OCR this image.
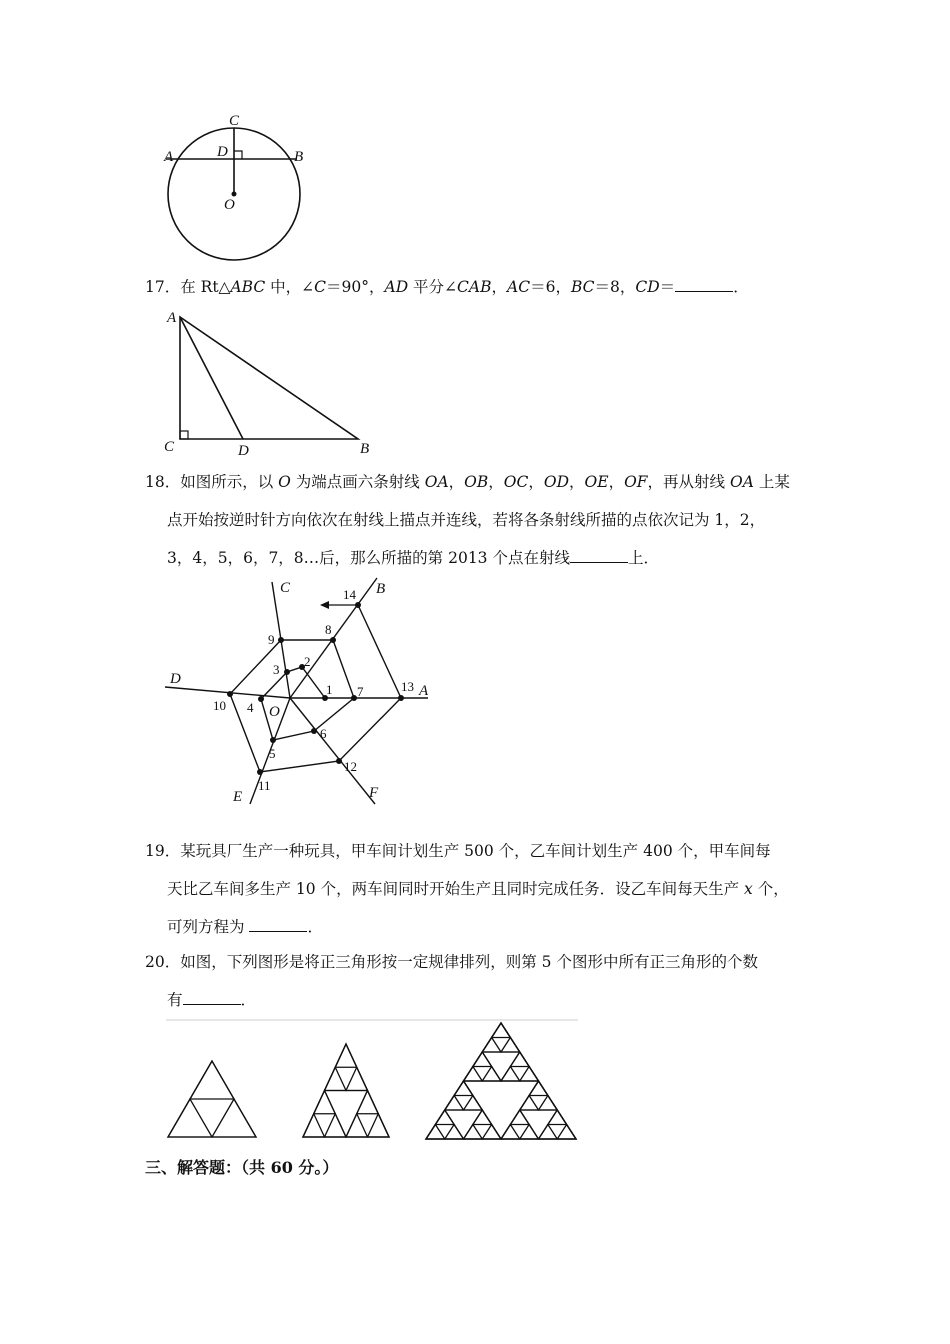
C
D
A	B
O
17．在 Rt△ABC 中，∠C＝90°，AD 平分∠CAB，AC＝6，BC＝8，CD＝	．
A
C	D	B
18．如图所示，以 O 为端点画六条射线 OA，OB，OC，OD，OE，OF，再从射线 OA 上某
点开始按逆时针方向依次在射线上描点并连线，若将各条射线所描的点依次记为 1，2，
3，4，5，6，7，8…后，那么所描的第 2013 个点在射线	上．
A
B
C
D
E	F
O
1
2
3
4
5
6
7
8
9
10
11
12
13
14
19．某玩具厂生产一种玩具，甲车间计划生产 500 个，乙车间计划生产 400 个，甲车间每
天比乙车间多生产 10 个，两车间同时开始生产且同时完成任务．设乙车间每天生产 x 个，
可列方程为	．
20．如图，下列图形是将正三角形按一定规律排列，则第 5 个图形中所有正三角形的个数
有	．
三、解答题：（共 60 分。）
